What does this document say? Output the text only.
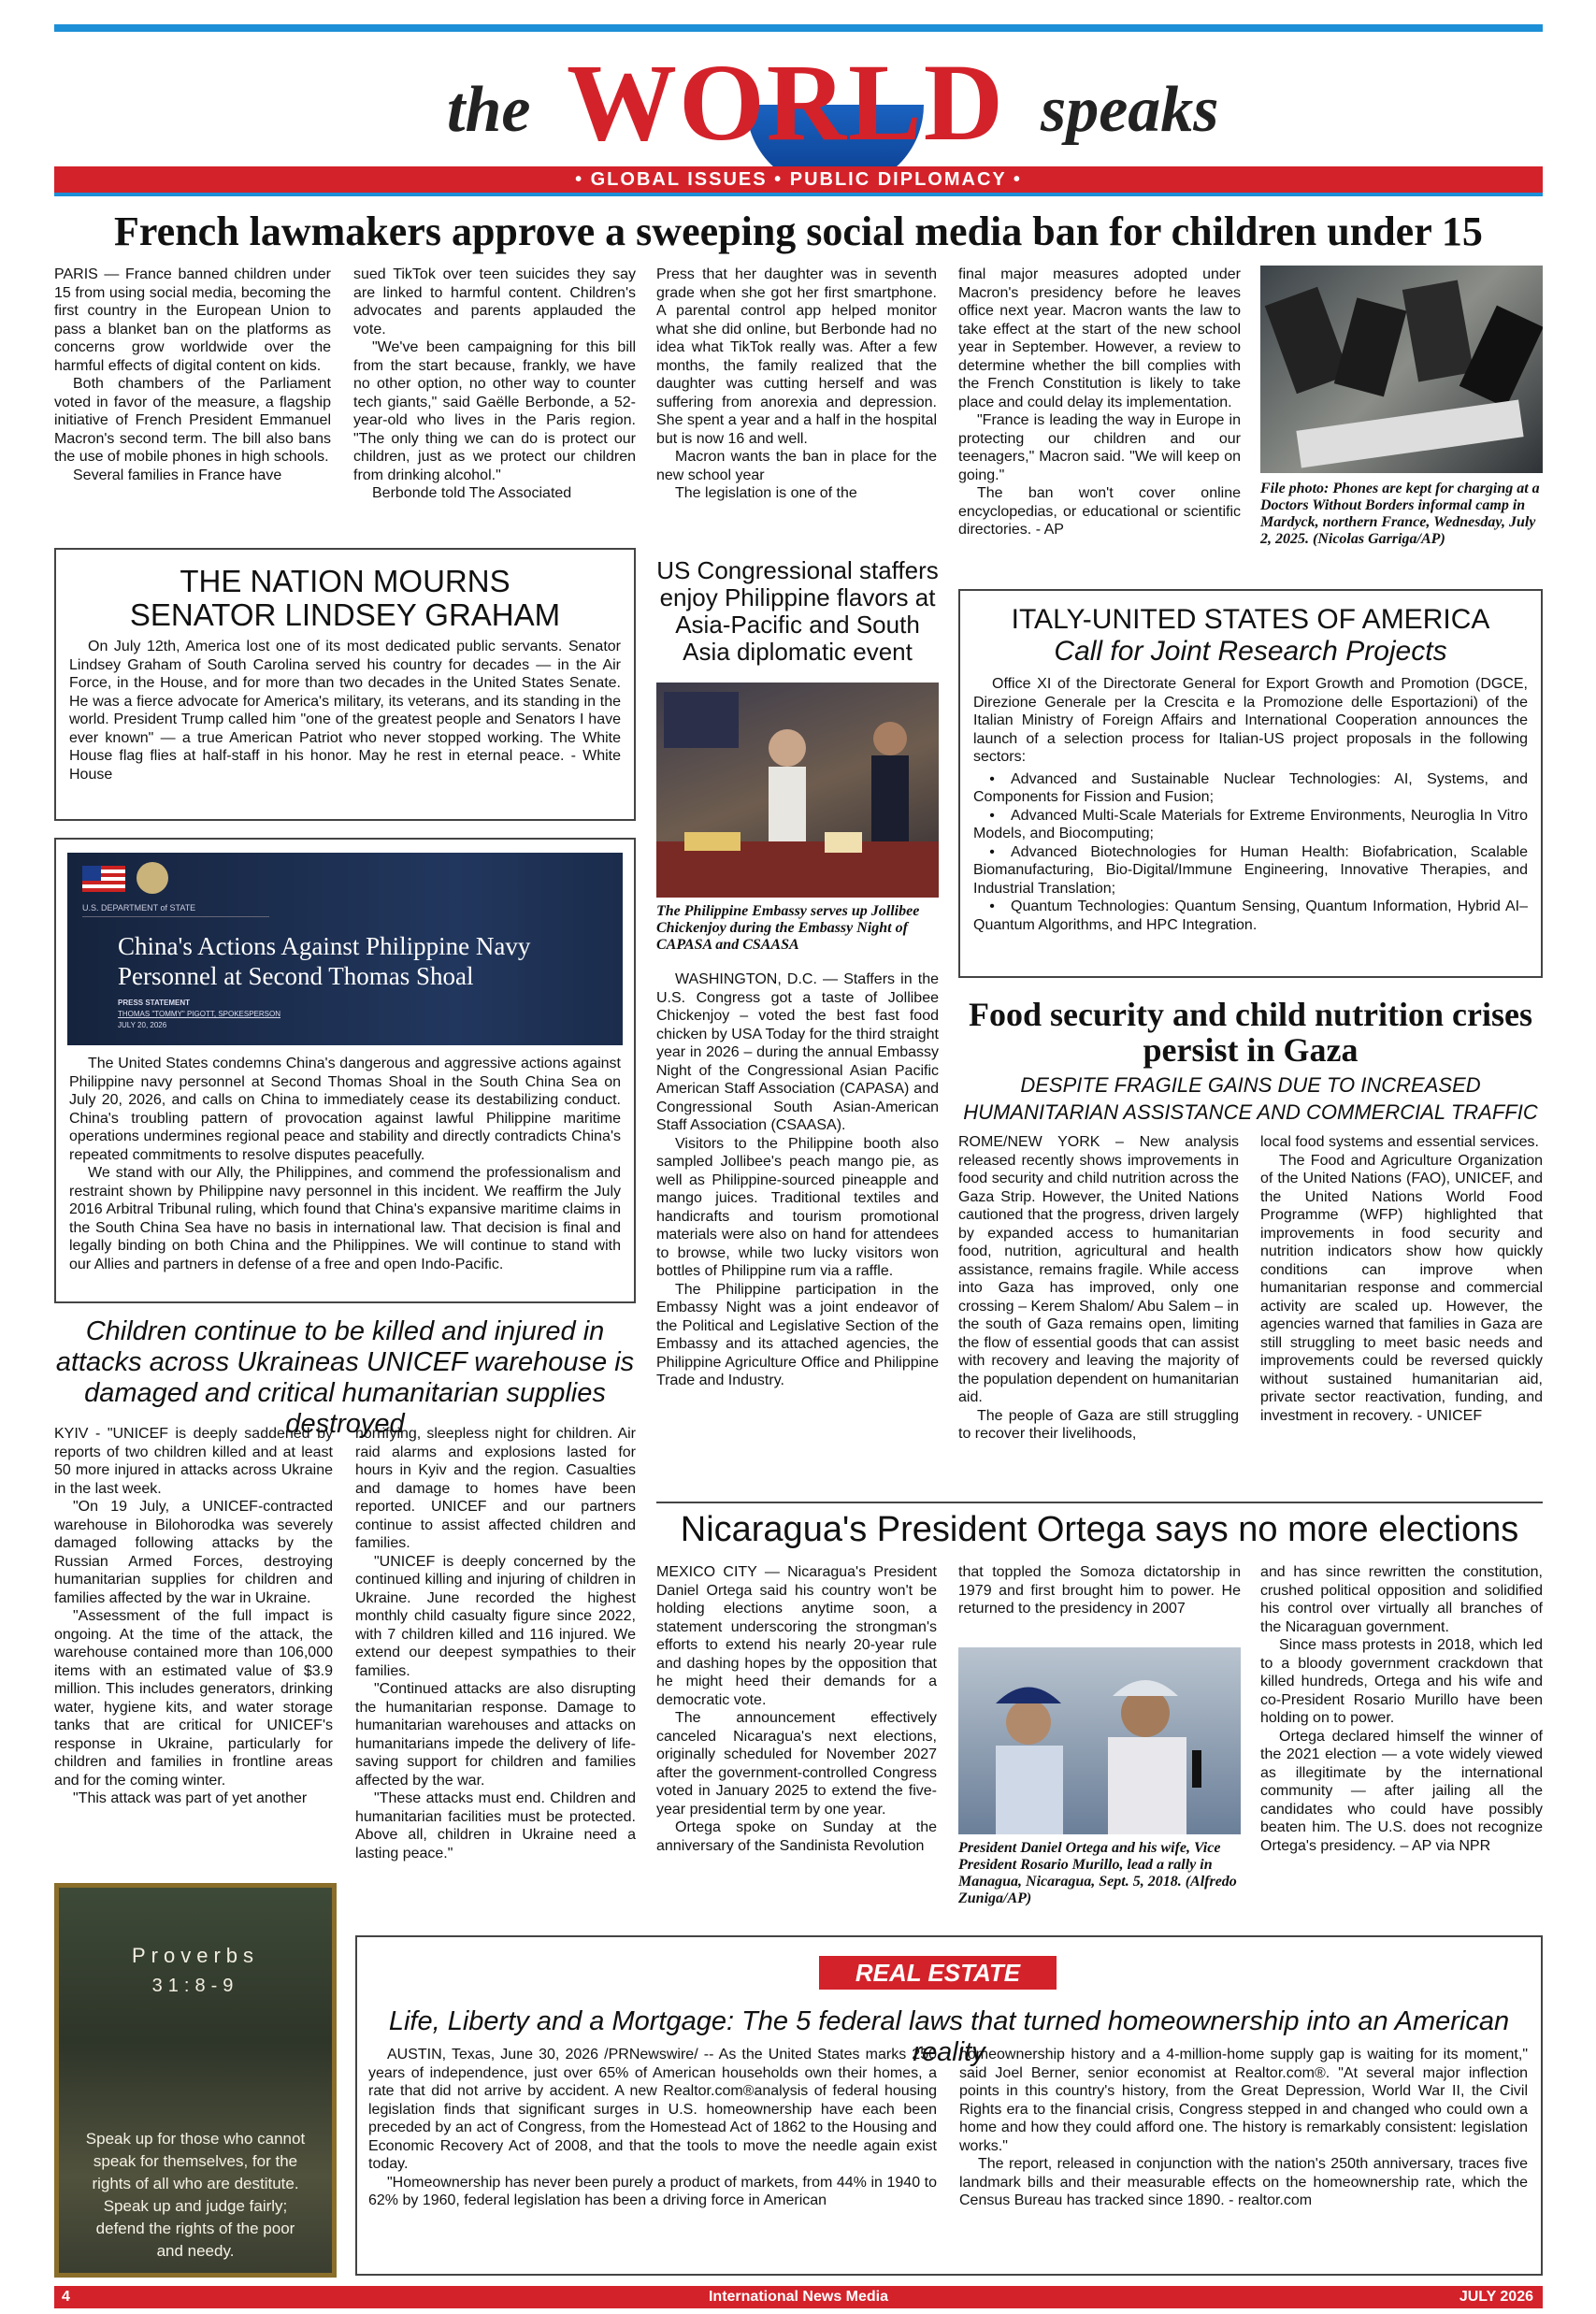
the WORLD speaks
• GLOBAL ISSUES • PUBLIC DIPLOMACY •
French lawmakers approve a sweeping social media ban for children under 15

PARIS — France banned children under 15 from using social media, becoming the first country in the European Union to pass a blanket ban on the platforms as concerns grow worldwide over the harmful effects of digital content on kids.

Both chambers of the Parliament voted in favor of the measure, a flagship initiative of French President Emmanuel Macron's second term. The bill also bans the use of mobile phones in high schools.

Several families in France have

sued TikTok over teen suicides they say are linked to harmful content. Children's advocates and parents applauded the vote.

"We've been campaigning for this bill from the start because, frankly, we have no other option, no other way to counter tech giants," said Gaëlle Berbonde, a 52-year-old who lives in the Paris region. "The only thing we can do is protect our children, just as we protect our children from drinking alcohol."

Berbonde told The Associated

Press that her daughter was in seventh grade when she got her first smartphone. A parental control app helped monitor what she did online, but Berbonde had no idea what TikTok really was. After a few months, the family realized that the daughter was cutting herself and was suffering from anorexia and depression. She spent a year and a half in the hospital but is now 16 and well.

Macron wants the ban in place for the new school year

The legislation is one of the

final major measures adopted under Macron's presidency before he leaves office next year. Macron wants the law to take effect at the start of the new school year in September. However, a review to determine whether the bill complies with the French Constitution is likely to take place and could delay its implementation.

"France is leading the way in Europe in protecting our children and our teenagers," Macron said. "We will keep on going."

The ban won't cover online encyclopedias, or educational or scientific directories. - AP

File photo: Phones are kept for charging at a Doctors Without Borders informal camp in Mardyck, northern France, Wednesday, July 2, 2025. (Nicolas Garriga/AP)
THE NATION MOURNS
SENATOR LINDSEY GRAHAM

On July 12th, America lost one of its most dedicated public servants. Senator Lindsey Graham of South Carolina served his country for decades — in the Air Force, in the House, and for more than two decades in the United States Senate. He was a fierce advocate for America's military, its veterans, and its standing in the world. President Trump called him "one of the greatest people and Senators I have ever known" — a true American Patriot who never stopped working. The White House flag flies at half-staff in his honor. May he rest in eternal peace. - White House

U.S. DEPARTMENT of STATE
China's Actions Against Philippine Navy Personnel at Second Thomas Shoal
PRESS STATEMENT
THOMAS "TOMMY" PIGOTT, SPOKESPERSON
JULY 20, 2026

The United States condemns China's dangerous and aggressive actions against Philippine navy personnel at Second Thomas Shoal in the South China Sea on July 20, 2026, and calls on China to immediately cease its destabilizing conduct. China's troubling pattern of provocation against lawful Philippine maritime operations undermines regional peace and stability and directly contradicts China's repeated commitments to resolve disputes peacefully.

We stand with our Ally, the Philippines, and commend the professionalism and restraint shown by Philippine navy personnel in this incident. We reaffirm the July 2016 Arbitral Tribunal ruling, which found that China's expansive maritime claims in the South China Sea have no basis in international law. That decision is final and legally binding on both China and the Philippines. We will continue to stand with our Allies and partners in defense of a free and open Indo-Pacific.

Children continue to be killed and injured in attacks across Ukraineas UNICEF warehouse is damaged and critical humanitarian supplies destroyed

KYIV - "UNICEF is deeply saddened by reports of two children killed and at least 50 more injured in attacks across Ukraine in the last week.

"On 19 July, a UNICEF-contracted warehouse in Bilohorodka was severely damaged following attacks by the Russian Armed Forces, destroying humanitarian supplies for children and families affected by the war in Ukraine.

"Assessment of the full impact is ongoing. At the time of the attack, the warehouse contained more than 106,000 items with an estimated value of $3.9 million. This includes generators, drinking water, hygiene kits, and water storage tanks that are critical for UNICEF's response in Ukraine, particularly for children and families in frontline areas and for the coming winter.

"This attack was part of yet another

horrifying, sleepless night for children. Air raid alarms and explosions lasted for hours in Kyiv and the region. Casualties and damage to homes have been reported. UNICEF and our partners continue to assist affected children and families.

"UNICEF is deeply concerned by the continued killing and injuring of children in Ukraine. June recorded the highest monthly child casualty figure since 2022, with 7 children killed and 116 injured. We extend our deepest sympathies to their families.

"Continued attacks are also disrupting the humanitarian response. Damage to humanitarian warehouses and attacks on humanitarians impede the delivery of life-saving support for children and families affected by the war.

"These attacks must end. Children and humanitarian facilities must be protected. Above all, children in Ukraine need a lasting peace."

Proverbs
31:8-9
Speak up for those who cannot speak for themselves, for the rights of all who are destitute. Speak up and judge fairly; defend the rights of the poor and needy.
US Congressional staffers enjoy Philippine flavors at Asia-Pacific and South Asia diplomatic event
The Philippine Embassy serves up Jollibee Chickenjoy during the Embassy Night of CAPASA and CSAASA

WASHINGTON, D.C. — Staffers in the U.S. Congress got a taste of Jollibee Chickenjoy – voted the best fast food chicken by USA Today for the third straight year in 2026 – during the annual Embassy Night of the Congressional Asian Pacific American Staff Association (CAPASA) and Congressional South Asian-American Staff Association (CSAASA).

Visitors to the Philippine booth also sampled Jollibee's peach mango pie, as well as Philippine-sourced pineapple and mango juices. Traditional textiles and handicrafts and tourism promotional materials were also on hand for attendees to browse, while two lucky visitors won bottles of Philippine rum via a raffle.

The Philippine participation in the Embassy Night was a joint endeavor of the Political and Legislative Section of the Embassy and its attached agencies, the Philippine Agriculture Office and Philippine Trade and Industry.

ITALY-UNITED STATES OF AMERICA
Call for Joint Research Projects

Office XI of the Directorate General for Export Growth and Promotion (DGCE, Direzione Generale per la Crescita e la Promozione delle Esportazioni) of the Italian Ministry of Foreign Affairs and International Cooperation announces the launch of a selection process for Italian-US project proposals in the following sectors:

• Advanced and Sustainable Nuclear Technologies: AI, Systems, and Components for Fission and Fusion;
• Advanced Multi-Scale Materials for Extreme Environments, Neuroglia In Vitro Models, and Biocomputing;
• Advanced Biotechnologies for Human Health: Biofabrication, Scalable Biomanufacturing, Bio-Digital/Immune Engineering, Innovative Therapies, and Industrial Translation;
• Quantum Technologies: Quantum Sensing, Quantum Information, Hybrid AI–Quantum Algorithms, and HPC Integration.
Food security and child nutrition crises persist in Gaza
DESPITE FRAGILE GAINS DUE TO INCREASED HUMANITARIAN ASSISTANCE AND COMMERCIAL TRAFFIC

ROME/NEW YORK – New analysis released recently shows improvements in food security and child nutrition across the Gaza Strip. However, the United Nations cautioned that the progress, driven largely by expanded access to humanitarian food, nutrition, agricultural and health assistance, remains fragile. While access into Gaza has improved, only one crossing – Kerem Shalom/ Abu Salem – in the south of Gaza remains open, limiting the flow of essential goods that can assist with recovery and leaving the majority of the population dependent on humanitarian aid.

The people of Gaza are still struggling to recover their livelihoods,

local food systems and essential services.

The Food and Agriculture Organization of the United Nations (FAO), UNICEF, and the United Nations World Food Programme (WFP) highlighted that improvements in food security and nutrition indicators show how quickly conditions can improve when humanitarian response and commercial activity are scaled up. However, the agencies warned that families in Gaza are still struggling to meet basic needs and improvements could be reversed quickly without sustained humanitarian aid, private sector reactivation, funding, and investment in recovery. - UNICEF

Nicaragua's President Ortega says no more elections

MEXICO CITY — Nicaragua's President Daniel Ortega said his country won't be holding elections anytime soon, a statement underscoring the strongman's efforts to extend his nearly 20-year rule and dashing hopes by the opposition that he might heed their demands for a democratic vote.

The announcement effectively canceled Nicaragua's next elections, originally scheduled for November 2027 after the government-controlled Congress voted in January 2025 to extend the five-year presidential term by one year.

Ortega spoke on Sunday at the anniversary of the Sandinista Revolution

that toppled the Somoza dictatorship in 1979 and first brought him to power. He returned to the presidency in 2007

President Daniel Ortega and his wife, Vice President Rosario Murillo, lead a rally in Managua, Nicaragua, Sept. 5, 2018. (Alfredo Zuniga/AP)

and has since rewritten the constitution, crushed political opposition and solidified his control over virtually all branches of the Nicaraguan government.

Since mass protests in 2018, which led to a bloody government crackdown that killed hundreds, Ortega and his wife and co-President Rosario Murillo have been holding on to power.

Ortega declared himself the winner of the 2021 election — a vote widely viewed as illegitimate by the international community — after jailing all the candidates who could have possibly beaten him. The U.S. does not recognize Ortega's presidency. – AP via NPR

REAL ESTATE
Life, Liberty and a Mortgage: The 5 federal laws that turned homeownership into an American reality

AUSTIN, Texas, June 30, 2026 /PRNewswire/ -- As the United States marks 250 years of independence, just over 65% of American households own their homes, a rate that did not arrive by accident. A new Realtor.com®analysis of federal housing legislation finds that significant surges in U.S. homeownership have each been preceded by an act of Congress, from the Homestead Act of 1862 to the Housing and Economic Recovery Act of 2008, and that the tools to move the needle again exist today.

"Homeownership has never been purely a product of markets, from 44% in 1940 to 62% by 1960, federal legislation has been a driving force in American

homeownership history and a 4-million-home supply gap is waiting for its moment," said Joel Berner, senior economist at Realtor.com®. "At several major inflection points in this country's history, from the Great Depression, World War II, the Civil Rights era to the financial crisis, Congress stepped in and changed who could own a home and how they could afford one. The history is remarkably consistent: legislation works."

The report, released in conjunction with the nation's 250th anniversary, traces five landmark bills and their measurable effects on the homeownership rate, which the Census Bureau has tracked since 1890. - realtor.com

4	International News Media	JULY 2026
